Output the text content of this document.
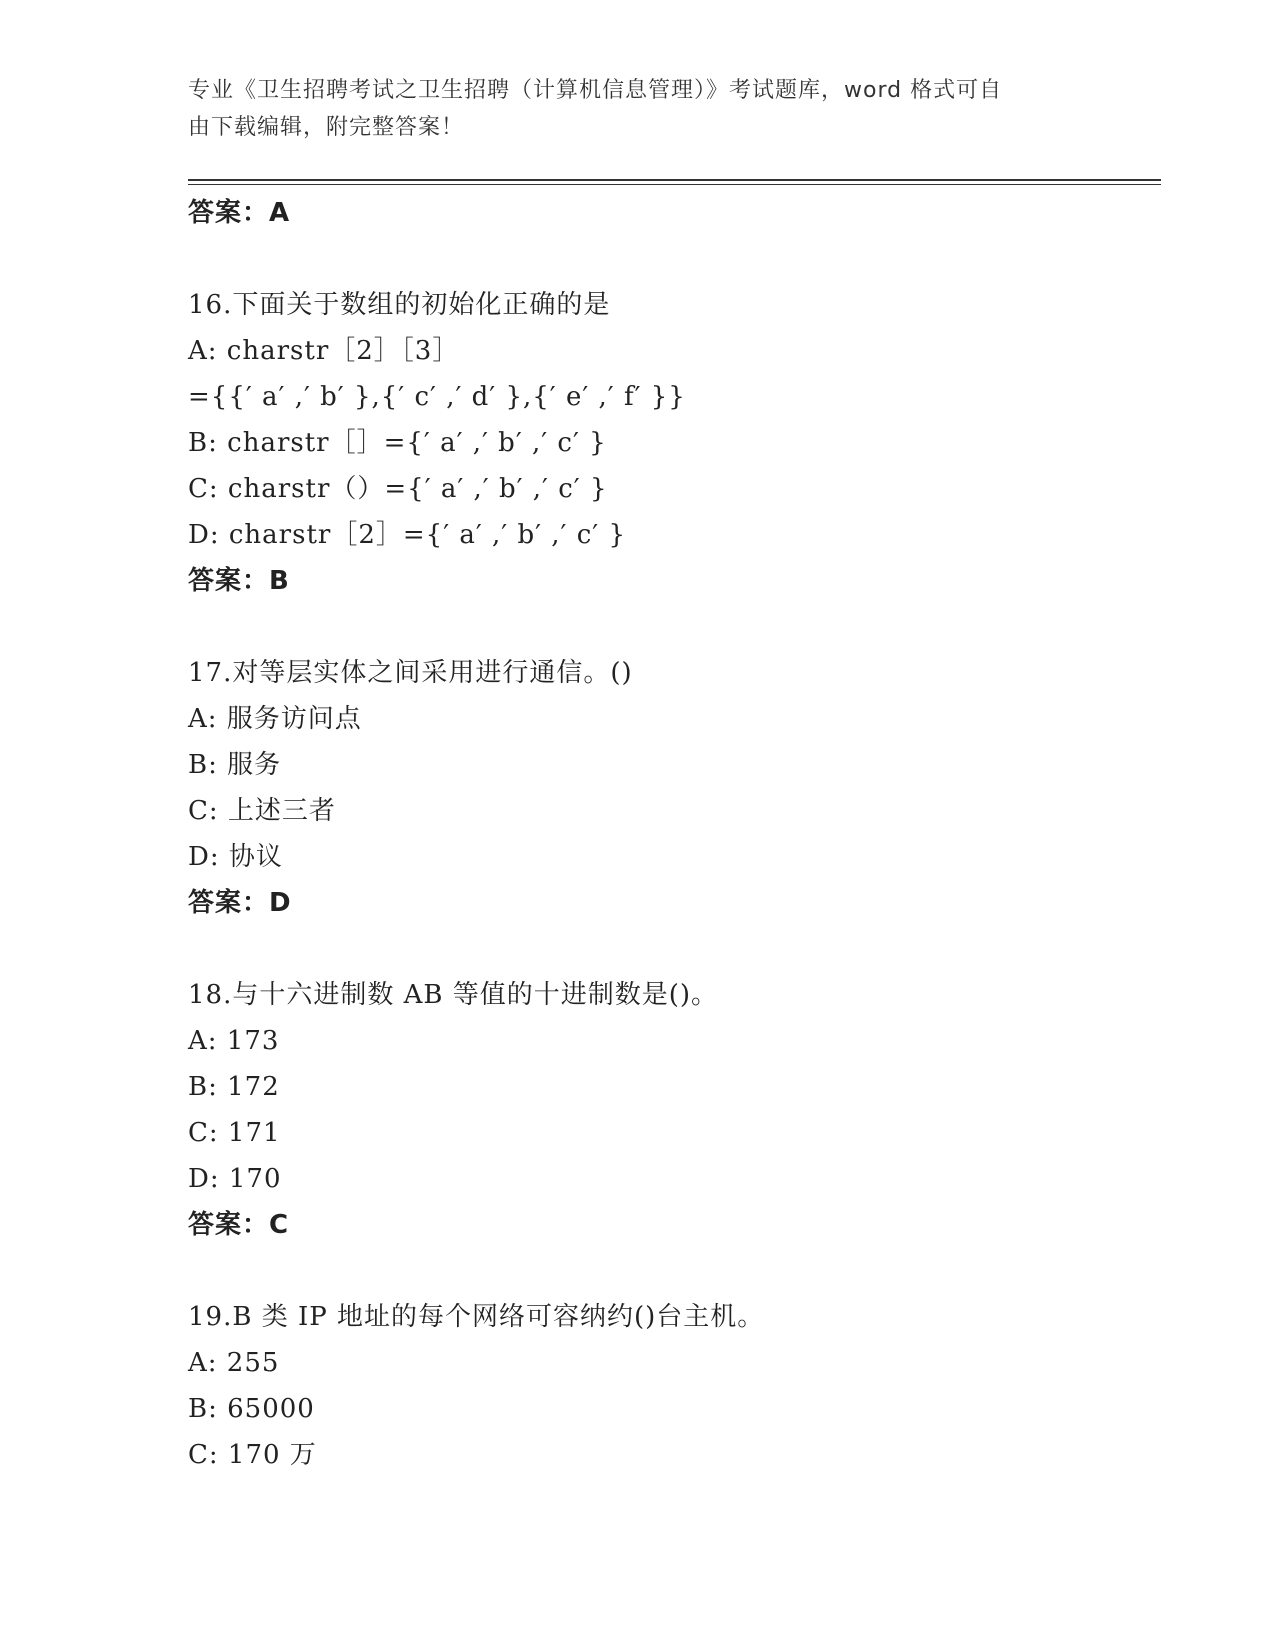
专业《卫生招聘考试之卫生招聘（计算机信息管理）》考试题库，word 格式可自
由下载编辑，附完整答案！
答案：A
16.下面关于数组的初始化正确的是
A: charstr［2］［3］
={{′ a′ ,′ b′ },{′ c′ ,′ d′ },{′ e′ ,′ f′ }}
B: charstr［］={′ a′ ,′ b′ ,′ c′ }
C: charstr（）={′ a′ ,′ b′ ,′ c′ }
D: charstr［2］={′ a′ ,′ b′ ,′ c′ }
答案：B
17.对等层实体之间采用进行通信。()
A: 服务访问点
B: 服务
C: 上述三者
D: 协议
答案：D
18.与十六进制数 AB 等值的十进制数是()。
A: 173
B: 172
C: 171
D: 170
答案：C
19.B 类 IP 地址的每个网络可容纳约()台主机。
A: 255
B: 65000
C: 170 万
